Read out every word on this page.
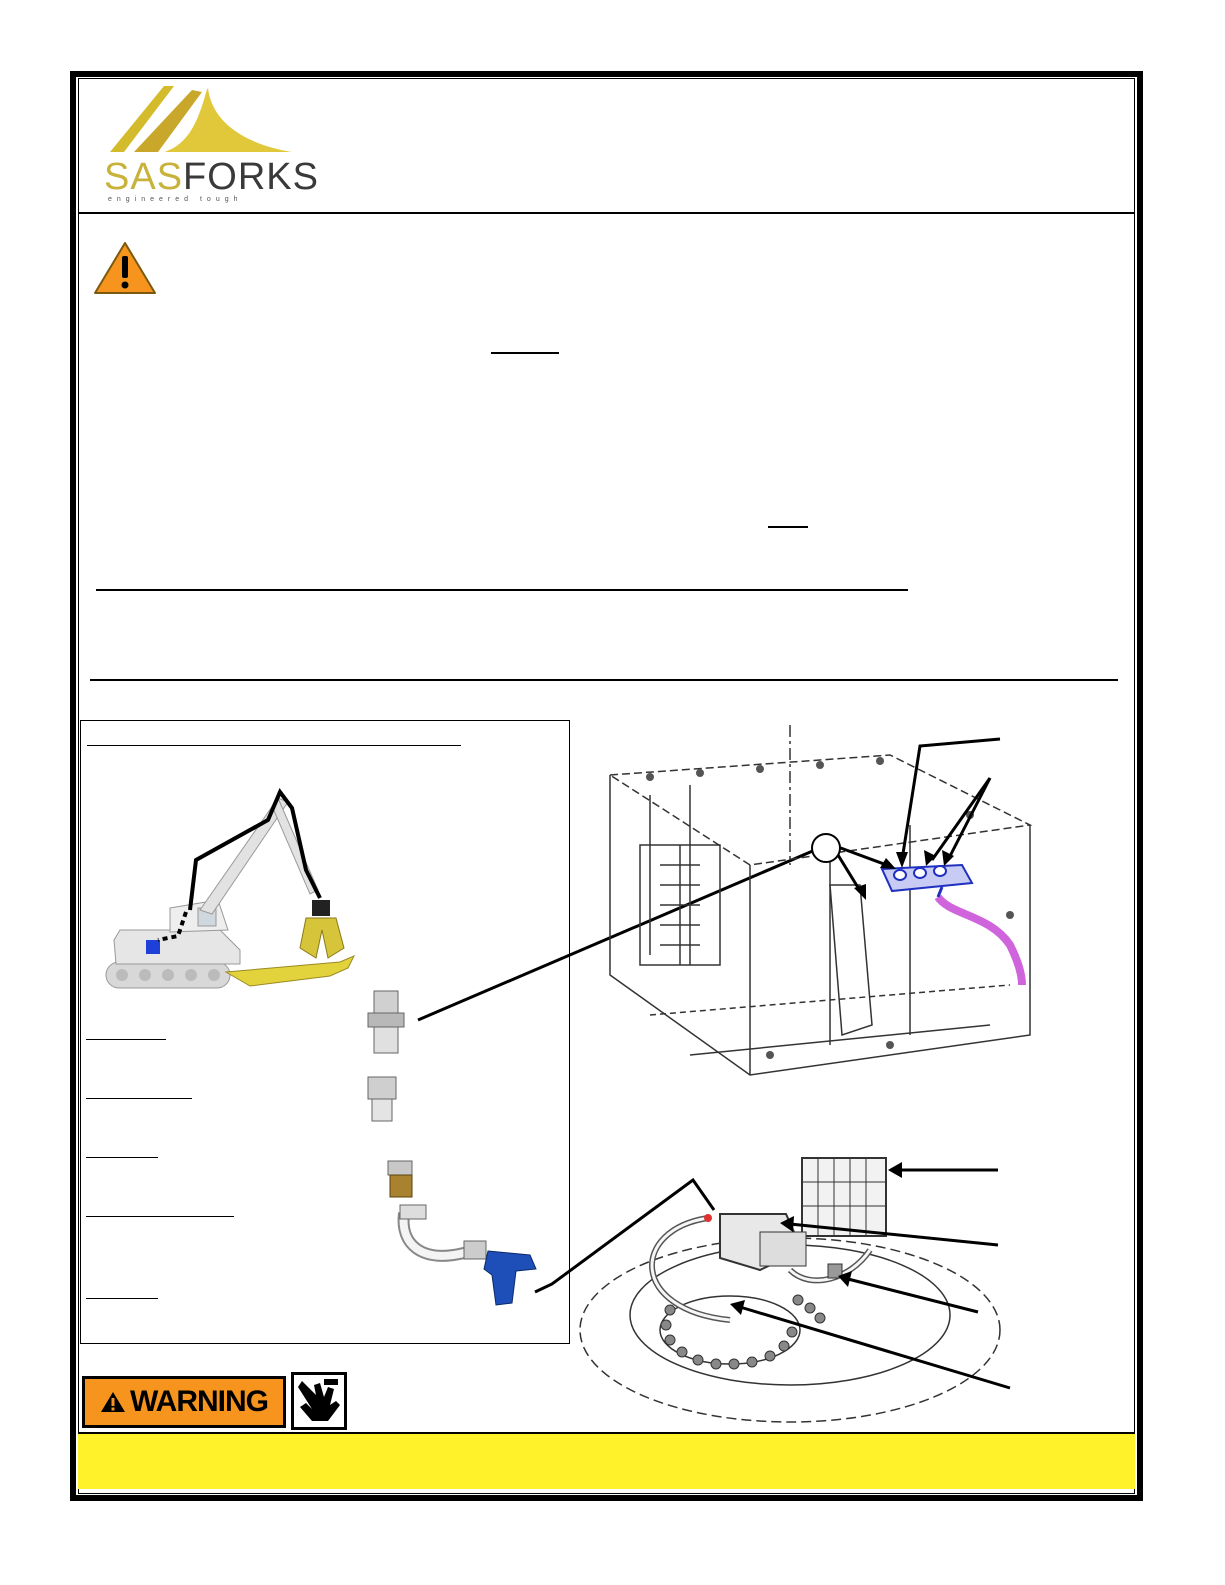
SASFORKS
engineered tough
WARNING
